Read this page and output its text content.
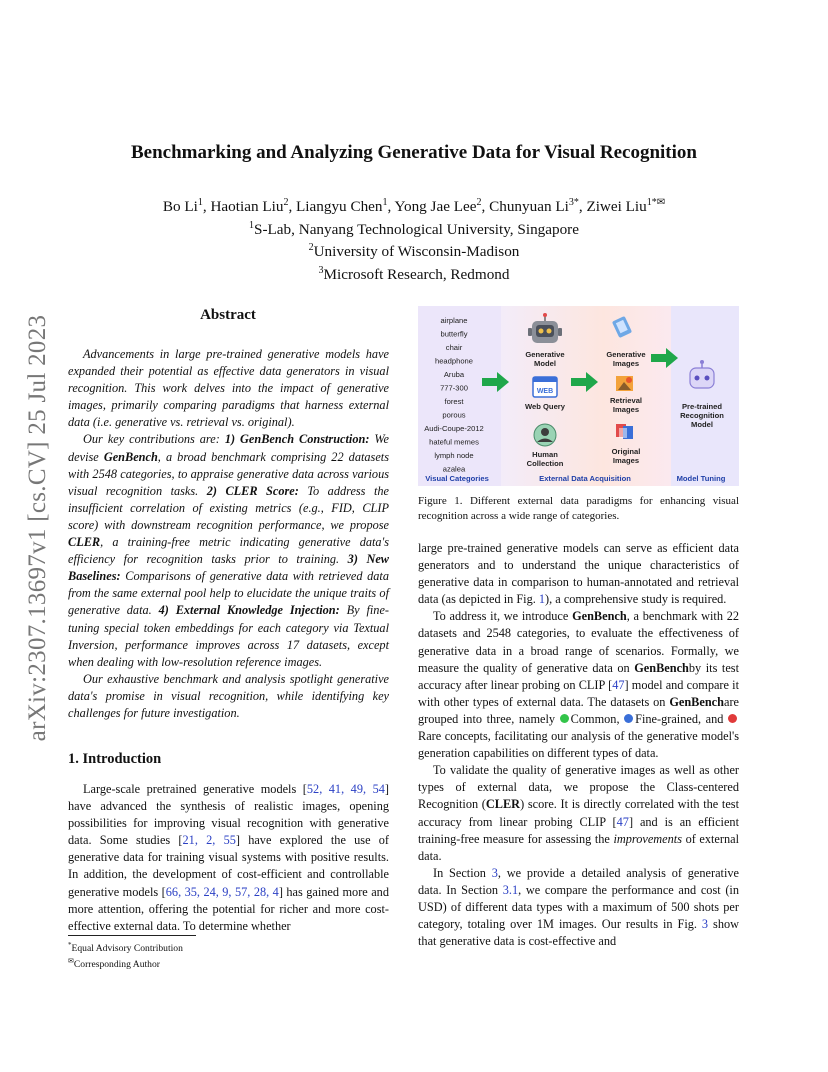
arXiv:2307.13697v1 [cs.CV] 25 Jul 2023
Benchmarking and Analyzing Generative Data for Visual Recognition
Bo Li$^1$, Haotian Liu$^2$, Liangyu Chen$^1$, Yong Jae Lee$^2$, Chunyuan $Li^{3*}$, Ziwei Liu$^{1*✉}$
$^1$S-Lab, Nanyang Technological University, Singapore
$^2$University of Wisconsin-Madison
$^3$Microsoft Research, Redmond
Abstract

Advancements in large pre-trained generative models have expanded their potential as effective data generators in visual recognition. This work delves into the impact of generative images, primarily comparing paradigms that harness external data (i.e. generative vs. retrieval vs. original).

Our key contributions are: 1) GenBench Construction: We devise GenBench, a broad benchmark comprising 22 datasets with 2548 categories, to appraise generative data across various visual recognition tasks. 2) CLER Score: To address the insufficient correlation of existing metrics (e.g., FID, CLIP score) with downstream recognition performance, we propose CLER, a training-free metric indicating generative data's efficiency for recognition tasks prior to training. 3) New Baselines: Comparisons of generative data with retrieved data from the same external pool help to elucidate the unique traits of generative data. 4) External Knowledge Injection: By fine-tuning special token embeddings for each category via Textual Inversion, performance improves across 17 datasets, except when dealing with low-resolution reference images.

Our exhaustive benchmark and analysis spotlight generative data's promise in visual recognition, while identifying key challenges for future investigation.

1. Introduction

Large-scale pretrained generative models [52, 41, 49, 54] have advanced the synthesis of realistic images, opening possibilities for improving visual recognition with generative data. Some studies [21, 2, 55] have explored the use of generative data for training visual systems with positive results. In addition, the development of cost-efficient and controllable generative models [66, 35, 24, 9, 57, 28, 4] has gained more and more attention, offering the potential for richer and more cost-effective external data. To determine whether

*Equal Advisory Contribution
✉Corresponding Author
airplane
butterfly
chair
headphone
Aruba
777-300
forest
porous
Audi-Coupe-2012
hateful memes
lymph node
azalea
Generative Model
WEB
Web Query
Human Collection
Generative Images
Retrieval Images
Original Images
Pre-trained Recognition Model
Visual Categories	External Data Acquisition	Model Tuning
Figure 1. Different external data paradigms for enhancing visual recognition across a wide range of categories.

large pre-trained generative models can serve as efficient data generators and to understand the unique characteristics of generative data in comparison to human-annotated and retrieval data (as depicted in Fig. 1), a comprehensive study is required.

To address it, we introduce GenBench, a benchmark with 22 datasets and 2548 categories, to evaluate the effectiveness of generative data in a broad range of scenarios. Formally, we measure the quality of generative data on GenBenchby its test accuracy after linear probing on CLIP [47] model and compare it with other types of external data. The datasets on GenBenchare grouped into three, namely Common, Fine-grained, and Rare concepts, facilitating our analysis of the generative model's generation capabilities on different types of data.

To validate the quality of generative images as well as other types of external data, we propose the Class-centered Recognition (CLER) score. It is directly correlated with the test accuracy from linear probing CLIP [47] and is an efficient training-free measure for assessing the improvements of external data.

In Section 3, we provide a detailed analysis of generative data. In Section 3.1, we compare the performance and cost (in USD) of different data types with a maximum of 500 shots per category, totaling over 1M images. Our results in Fig. 3 show that generative data is cost-effective and
